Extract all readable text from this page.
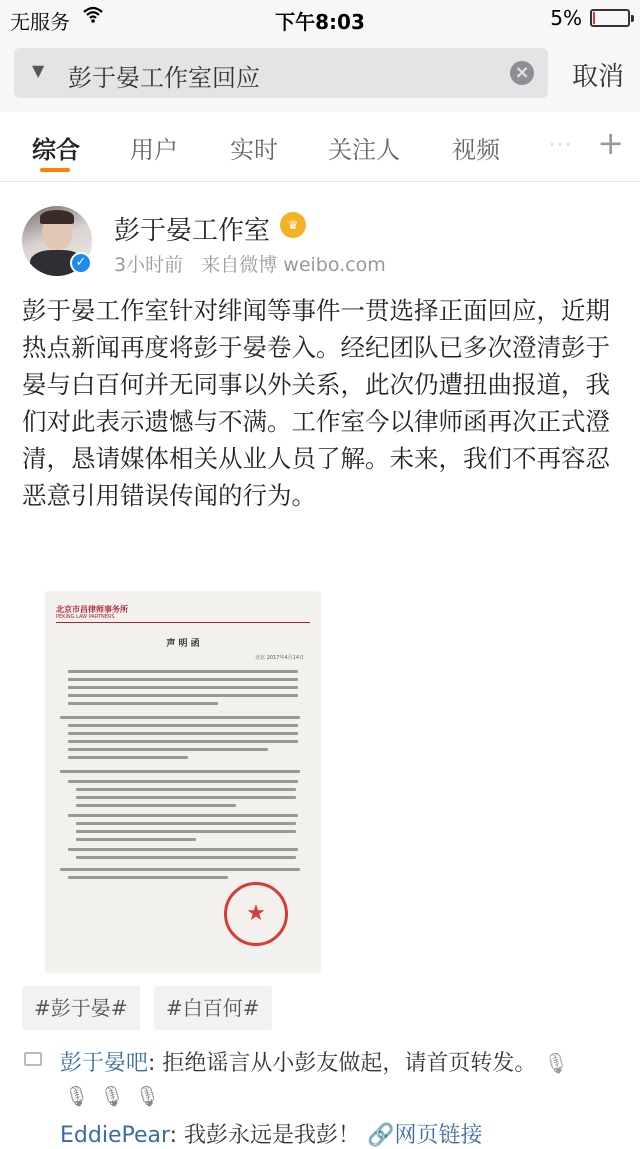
无服务	下午8:03	5%
▼ 彭于晏工作室回应	× 取消
综合 用户 实时 关注人 视频 ⋯ +
✓
彭于晏工作室	♛
3小时前 来自微博 weibo.com
彭于晏工作室针对绯闻等事件一贯选择正面回应，近期热点新闻再度将彭于晏卷入。经纪团队已多次澄清彭于晏与白百何并无同事以外关系，此次仍遭扭曲报道，我们对此表示遗憾与不满。工作室今以律师函再次正式澄清，恳请媒体相关从业人员了解。未来，我们不再容忍恶意引用错误传闻的行为。
北京市昌律师事务所
PEKING LAW PARTNERS
声 明 函
北京 2017年4月14日
★
#彭于晏#	#白百何#
彭于晏吧: 拒绝谣言从小彭友做起，请首页转发。 🎙
🎙🎙🎙
EddiePear: 我彭永远是我彭！ 🔗网页链接
